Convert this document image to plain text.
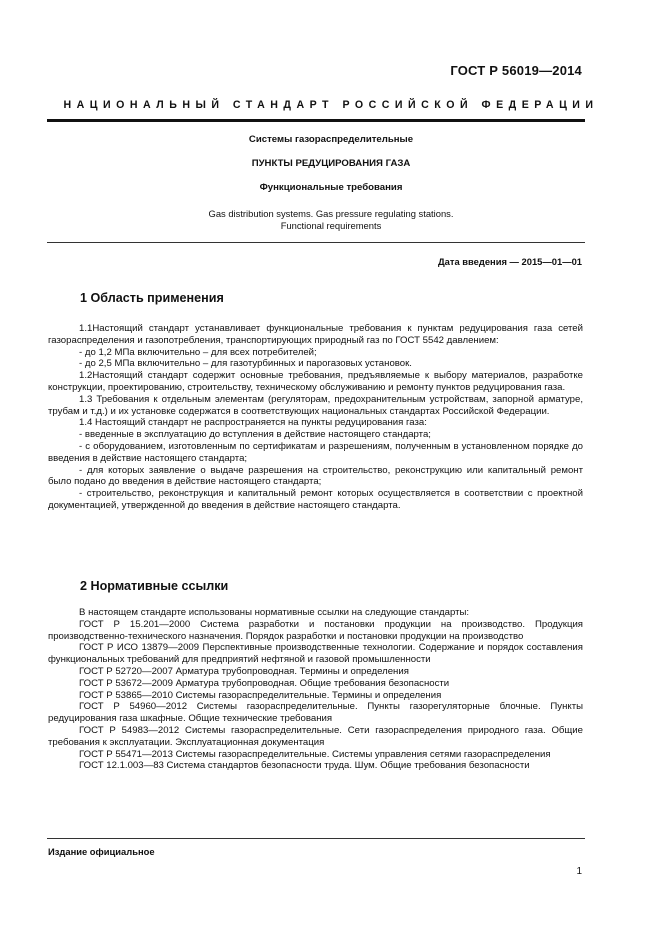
ГОСТ Р 56019—2014
НАЦИОНАЛЬНЫЙ СТАНДАРТ РОССИЙСКОЙ ФЕДЕРАЦИИ
Системы газораспределительные
ПУНКТЫ РЕДУЦИРОВАНИЯ ГАЗА
Функциональные требования
Gas distribution systems. Gas pressure regulating stations.
Functional requirements
Дата введения — 2015—01—01
1 Область применения

1.1Настоящий стандарт устанавливает функциональные требования к пунктам редуцирования газа сетей газораспределения и газопотребления, транспортирующих природный газ по ГОСТ 5542 давлением:

- до 1,2 МПа включительно – для всех потребителей;

- до 2,5 МПа включительно – для газотурбинных и парогазовых установок.

1.2Настоящий стандарт содержит основные требования, предъявляемые к выбору материалов, разработке конструкции, проектированию, строительству, техническому обслуживанию и ремонту пунктов редуцирования газа.

1.3 Требования к отдельным элементам (регуляторам, предохранительным устройствам, запорной арматуре, трубам и т.д.) и их установке содержатся в соответствующих национальных стандартах Российской Федерации.

1.4 Настоящий стандарт не распространяется на пункты редуцирования газа:

- введенные в эксплуатацию до вступления в действие настоящего стандарта;

- с оборудованием, изготовленным по сертификатам и разрешениям, полученным в установленном порядке до введения в действие настоящего стандарта;

- для которых заявление о выдаче разрешения на строительство, реконструкцию или капитальный ремонт было подано до введения в действие настоящего стандарта;

- строительство, реконструкция и капитальный ремонт которых осуществляется в соответствии с проектной документацией, утвержденной до введения в действие настоящего стандарта.

2 Нормативные ссылки

В настоящем стандарте использованы нормативные ссылки на следующие стандарты:

ГОСТ Р 15.201—2000 Система разработки и постановки продукции на производство. Продукция производственно-технического назначения. Порядок разработки и постановки продукции на производство

ГОСТ Р ИСО 13879—2009 Перспективные производственные технологии. Содержание и порядок составления функциональных требований для предприятий нефтяной и газовой промышленности

ГОСТ Р 52720—2007 Арматура трубопроводная. Термины и определения

ГОСТ Р 53672—2009 Арматура трубопроводная. Общие требования безопасности

ГОСТ Р 53865—2010 Системы газораспределительные. Термины и определения

ГОСТ Р 54960—2012 Системы газораспределительные. Пункты газорегуляторные блочные. Пункты редуцирования газа шкафные. Общие технические требования

ГОСТ Р 54983—2012 Системы газораспределительные. Сети газораспределения природного газа. Общие требования к эксплуатации. Эксплуатационная документация

ГОСТ Р 55471—2013 Системы газораспределительные. Системы управления сетями газораспределения

ГОСТ 12.1.003—83 Система стандартов безопасности труда. Шум. Общие требования безопасности

Издание официальное
1
